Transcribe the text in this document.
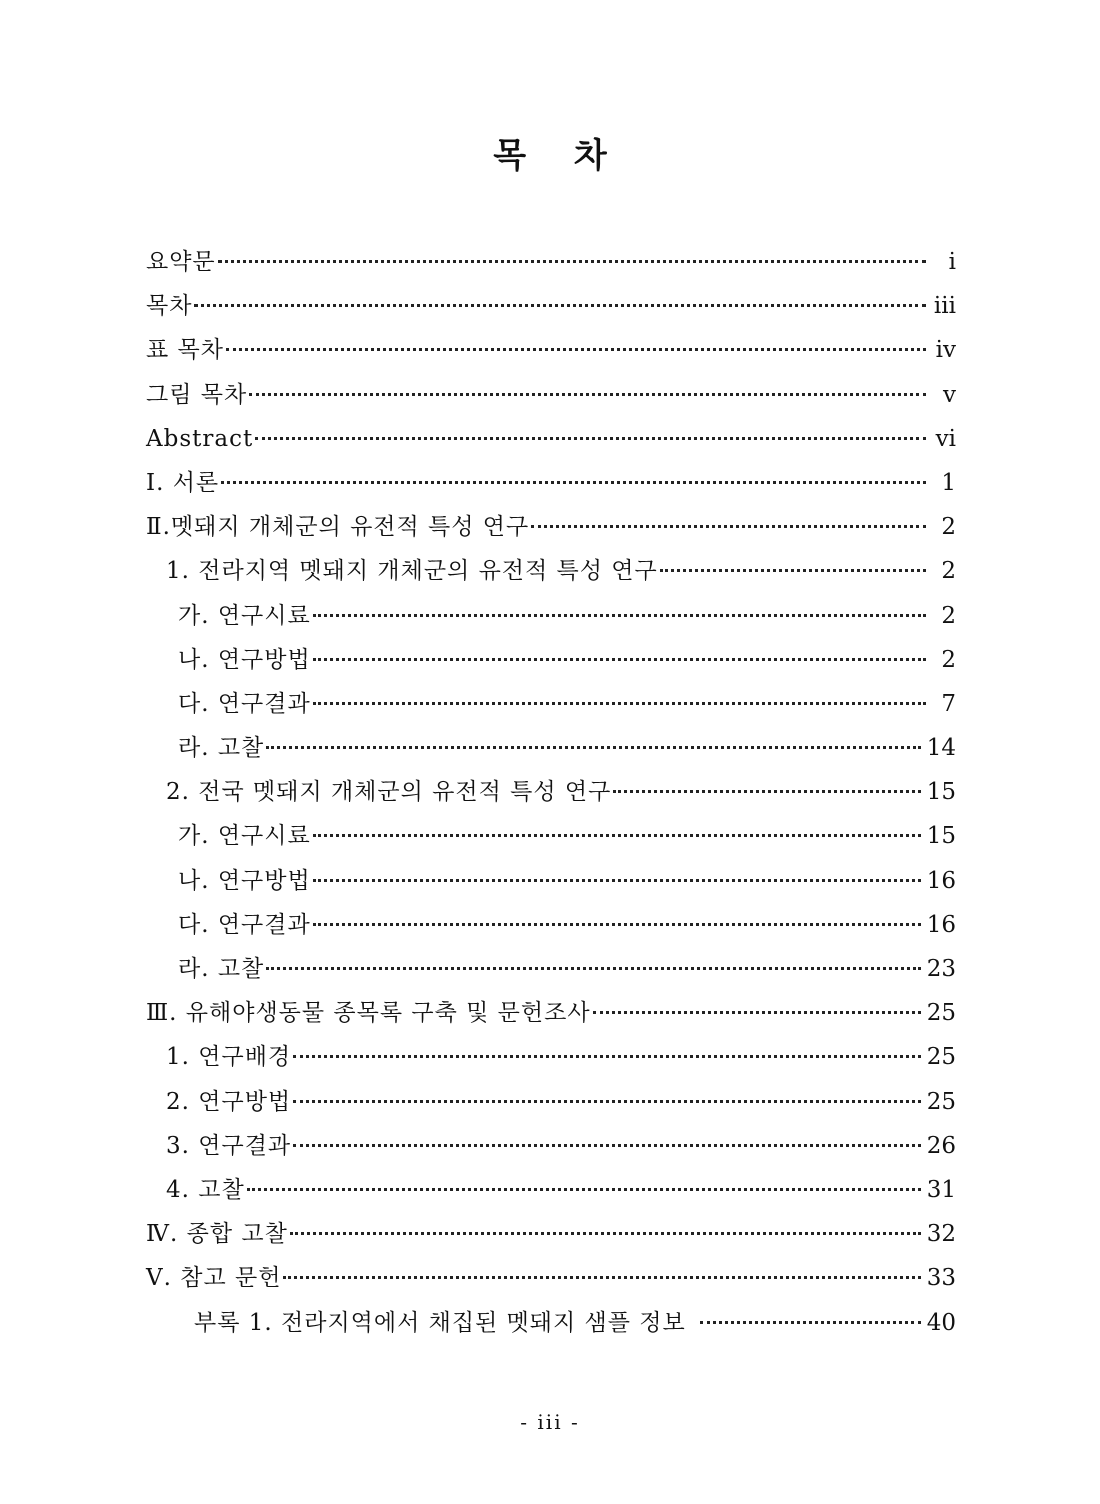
목 차
요약문	i
목차	iii
표 목차	iv
그림 목차	v
Abstract	vi
Ⅰ. 서론	1
Ⅱ.멧돼지 개체군의 유전적 특성 연구	2
1. 전라지역 멧돼지 개체군의 유전적 특성 연구	2
가. 연구시료	2
나. 연구방법	2
다. 연구결과	7
라. 고찰	14
2. 전국 멧돼지 개체군의 유전적 특성 연구	15
가. 연구시료	15
나. 연구방법	16
다. 연구결과	16
라. 고찰	23
Ⅲ. 유해야생동물 종목록 구축 및 문헌조사	25
1. 연구배경	25
2. 연구방법	25
3. 연구결과	26
4. 고찰	31
Ⅳ. 종합 고찰	32
Ⅴ. 참고 문헌	33
부록 1. 전라지역에서 채집된 멧돼지 샘플 정보	40
- iii -
